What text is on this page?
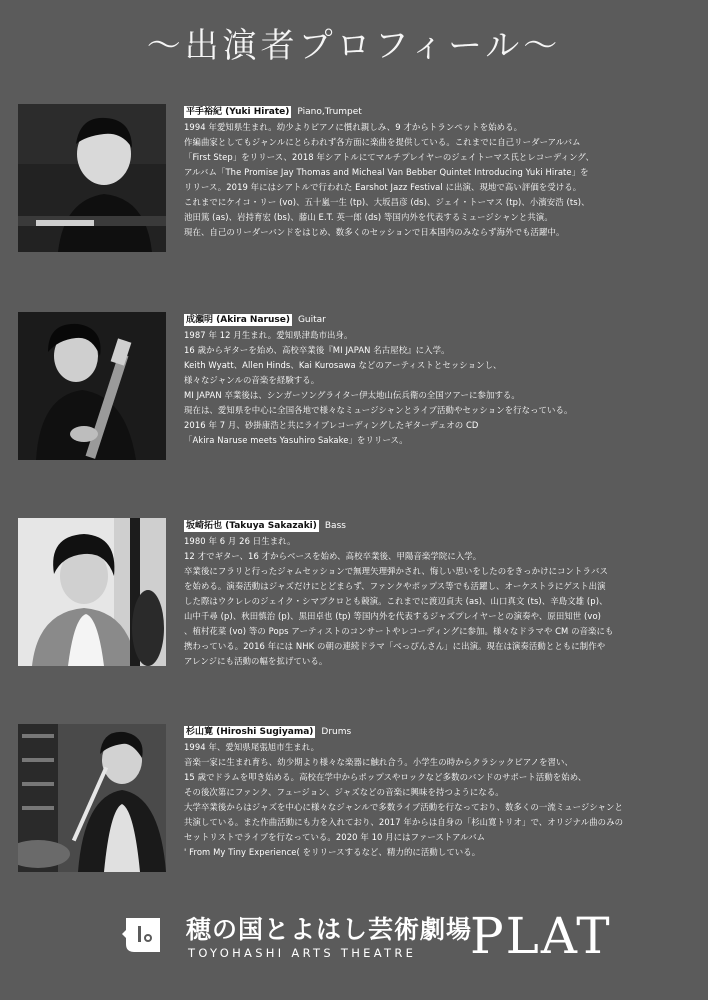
〜出演者プロフィール〜
平手裕紀 (Yuki Hirate) Piano,Trumpet
1994 年愛知県生まれ。幼少よりピアノに慣れ親しみ、9 才からトランペットを始める。
作編曲家としてもジャンルにとらわれず各方面に楽曲を提供している。これまでに自己リーダーアルバム
「First Step」をリリース、2018 年シアトルにてマルチプレイヤーのジェイトーマス氏とレコーディング、
アルバム「The Promise Jay Thomas and Micheal Van Bebber Quintet Introducing Yuki Hirate」を
リリース。2019 年にはシアトルで行われた Earshot Jazz Festival に出演、現地で高い評価を受ける。
これまでにケイコ・リー (vo)、五十嵐一生 (tp)、大坂昌彦 (ds)、ジェイ・トーマス (tp)、小濱安浩 (ts)、
池田篤 (as)、岩持育宏 (bs)、藤山 E.T. 英一郎 (ds) 等国内外を代表するミュージシャンと共演。
現在、自己のリーダーバンドをはじめ、数多くのセッションで日本国内のみならず海外でも活躍中。
成瀬明 (Akira Naruse) Guitar
1987 年 12 月生まれ。愛知県津島市出身。
16 歳からギターを始め、高校卒業後『MI JAPAN 名古屋校』に入学。
Keith Wyatt、Allen Hinds、Kai Kurosawa などのアーティストとセッションし、
様々なジャンルの音楽を経験する。
MI JAPAN 卒業後は、シンガーソングライター伊太地山伝兵衛の全国ツアーに参加する。
現在は、愛知県を中心に全国各地で様々なミュージシャンとライブ活動やセッションを行なっている。
2016 年 7 月、砂掛康浩と共にライブレコーディングしたギターデュオの CD
「Akira Naruse meets Yasuhiro Sakake」をリリース。
坂崎拓也 (Takuya Sakazaki) Bass
1980 年 6 月 26 日生まれ。
12 才でギター、16 才からベースを始め、高校卒業後、甲陽音楽学院に入学。
卒業後にフラリと行ったジャムセッションで無理矢理弾かされ、悔しい思いをしたのをきっかけにコントラバス
を始める。演奏活動はジャズだけにとどまらず、ファンクやポップス等でも活躍し、オーケストラにゲスト出演
した際はウクレレのジェイク・シマブクロとも競演。これまでに渡辺貞夫 (as)、山口真文 (ts)、辛島文雄 (p)、
山中千尋 (p)、秋田慎治 (p)、黒田卓也 (tp) 等国内外を代表するジャズプレイヤーとの演奏や、原田知世 (vo)
、植村花菜 (vo) 等の Pops アーティストのコンサートやレコーディングに参加。様々なドラマや CM の音楽にも
携わっている。2016 年には NHK の朝の連続ドラマ「べっぴんさん」に出演。現在は演奏活動とともに制作や
アレンジにも活動の幅を拡げている。
杉山寛 (Hiroshi Sugiyama) Drums
1994 年、愛知県尾張旭市生まれ。
音楽一家に生まれ育ち、幼少期より様々な楽器に触れ合う。小学生の時からクラシックピアノを習い、
15 歳でドラムを叩き始める。高校在学中からポップスやロックなど多数のバンドのサポート活動を始め、
その後次第にファンク、フュージョン、ジャズなどの音楽に興味を持つようになる。
大学卒業後からはジャズを中心に様々なジャンルで多数ライブ活動を行なっており、数多くの一流ミュージシャンと
共演している。また作曲活動にも力を入れており、2017 年からは自身の「杉山寛トリオ」で、オリジナル曲のみの
セットリストでライブを行なっている。2020 年 10 月にはファーストアルバム
' From My Tiny Experience( をリリースするなど、精力的に活動している。
穂の国とよはし芸術劇場
TOYOHASHI ARTS THEATRE PLAT
